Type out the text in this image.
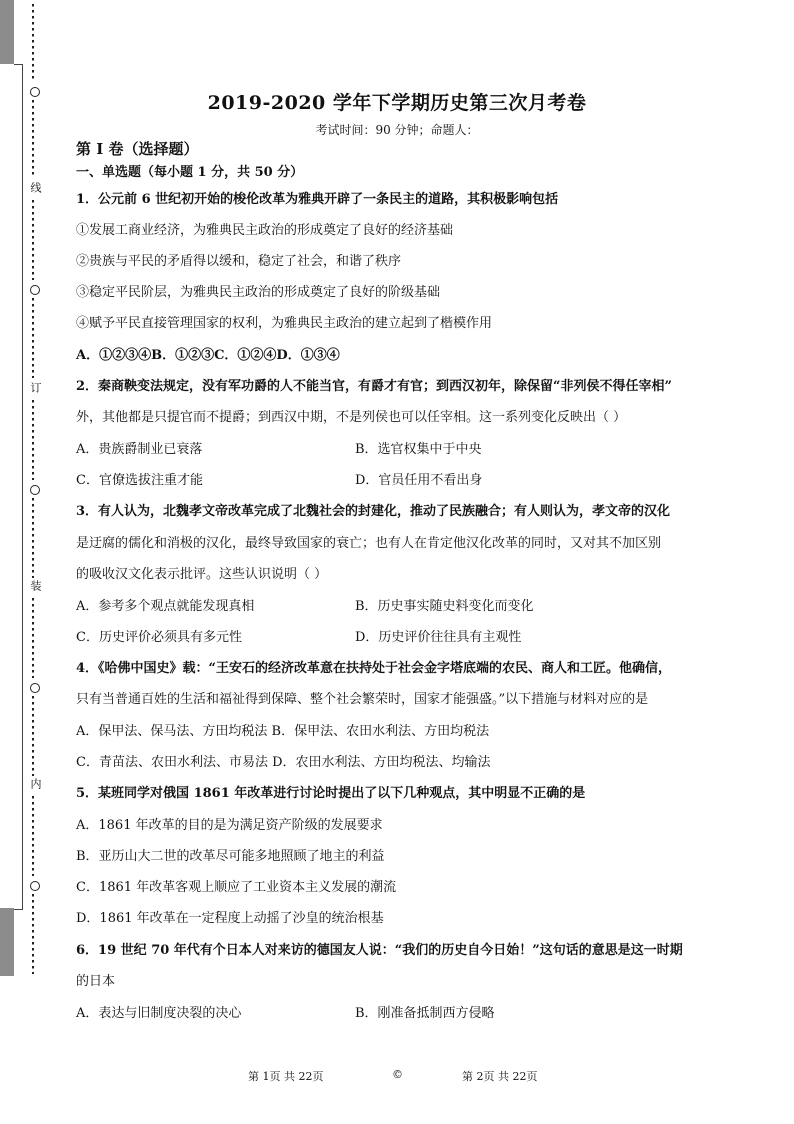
线
订
装
内
2019-2020 学年下学期历史第三次月考卷
考试时间：90 分钟；命题人：
第 I 卷（选择题）
一、单选题（每小题 1 分，共 50 分）
1．公元前 6 世纪初开始的梭伦改革为雅典开辟了一条民主的道路，其积极影响包括
①发展工商业经济，为雅典民主政治的形成奠定了良好的经济基础
②贵族与平民的矛盾得以缓和，稳定了社会，和谐了秩序
③稳定平民阶层，为雅典民主政治的形成奠定了良好的阶级基础
④赋予平民直接管理国家的权利，为雅典民主政治的建立起到了楷模作用
A．①②③④B．①②③C．①②④D．①③④
2．秦商鞅变法规定，没有军功爵的人不能当官，有爵才有官；到西汉初年，除保留“非列侯不得任宰相”
外，其他都是只提官而不提爵；到西汉中期，不是列侯也可以任宰相。这一系列变化反映出（ ）
A．贵族爵制业已衰落	B．选官权集中于中央
C．官僚选拔注重才能	D．官员任用不看出身
3．有人认为，北魏孝文帝改革完成了北魏社会的封建化，推动了民族融合；有人则认为，孝文帝的汉化
是迂腐的儒化和消极的汉化，最终导致国家的衰亡；也有人在肯定他汉化改革的同时，又对其不加区别
的吸收汉文化表示批评。这些认识说明（ ）
A．参考多个观点就能发现真相	B．历史事实随史料变化而变化
C．历史评价必须具有多元性	D．历史评价往往具有主观性
4．《哈佛中国史》载：“王安石的经济改革意在扶持处于社会金字塔底端的农民、商人和工匠。他确信，
只有当普通百姓的生活和福祉得到保障、整个社会繁荣时，国家才能强盛。”以下措施与材料对应的是
A．保甲法、保马法、方田均税法 B．保甲法、农田水利法、方田均税法
C．青苗法、农田水利法、市易法 D．农田水利法、方田均税法、均输法
5．某班同学对俄国 1861 年改革进行讨论时提出了以下几种观点，其中明显不正确的是
A．1861 年改革的目的是为满足资产阶级的发展要求
B．亚历山大二世的改革尽可能多地照顾了地主的利益
C．1861 年改革客观上顺应了工业资本主义发展的潮流
D．1861 年改革在一定程度上动摇了沙皇的统治根基
6．19 世纪 70 年代有个日本人对来访的德国友人说：“我们的历史自今日始！”这句话的意思是这一时期
的日本
A．表达与旧制度决裂的决心	B．刚准备抵制西方侵略
第 1页 共 22页	©	第 2页 共 22页
